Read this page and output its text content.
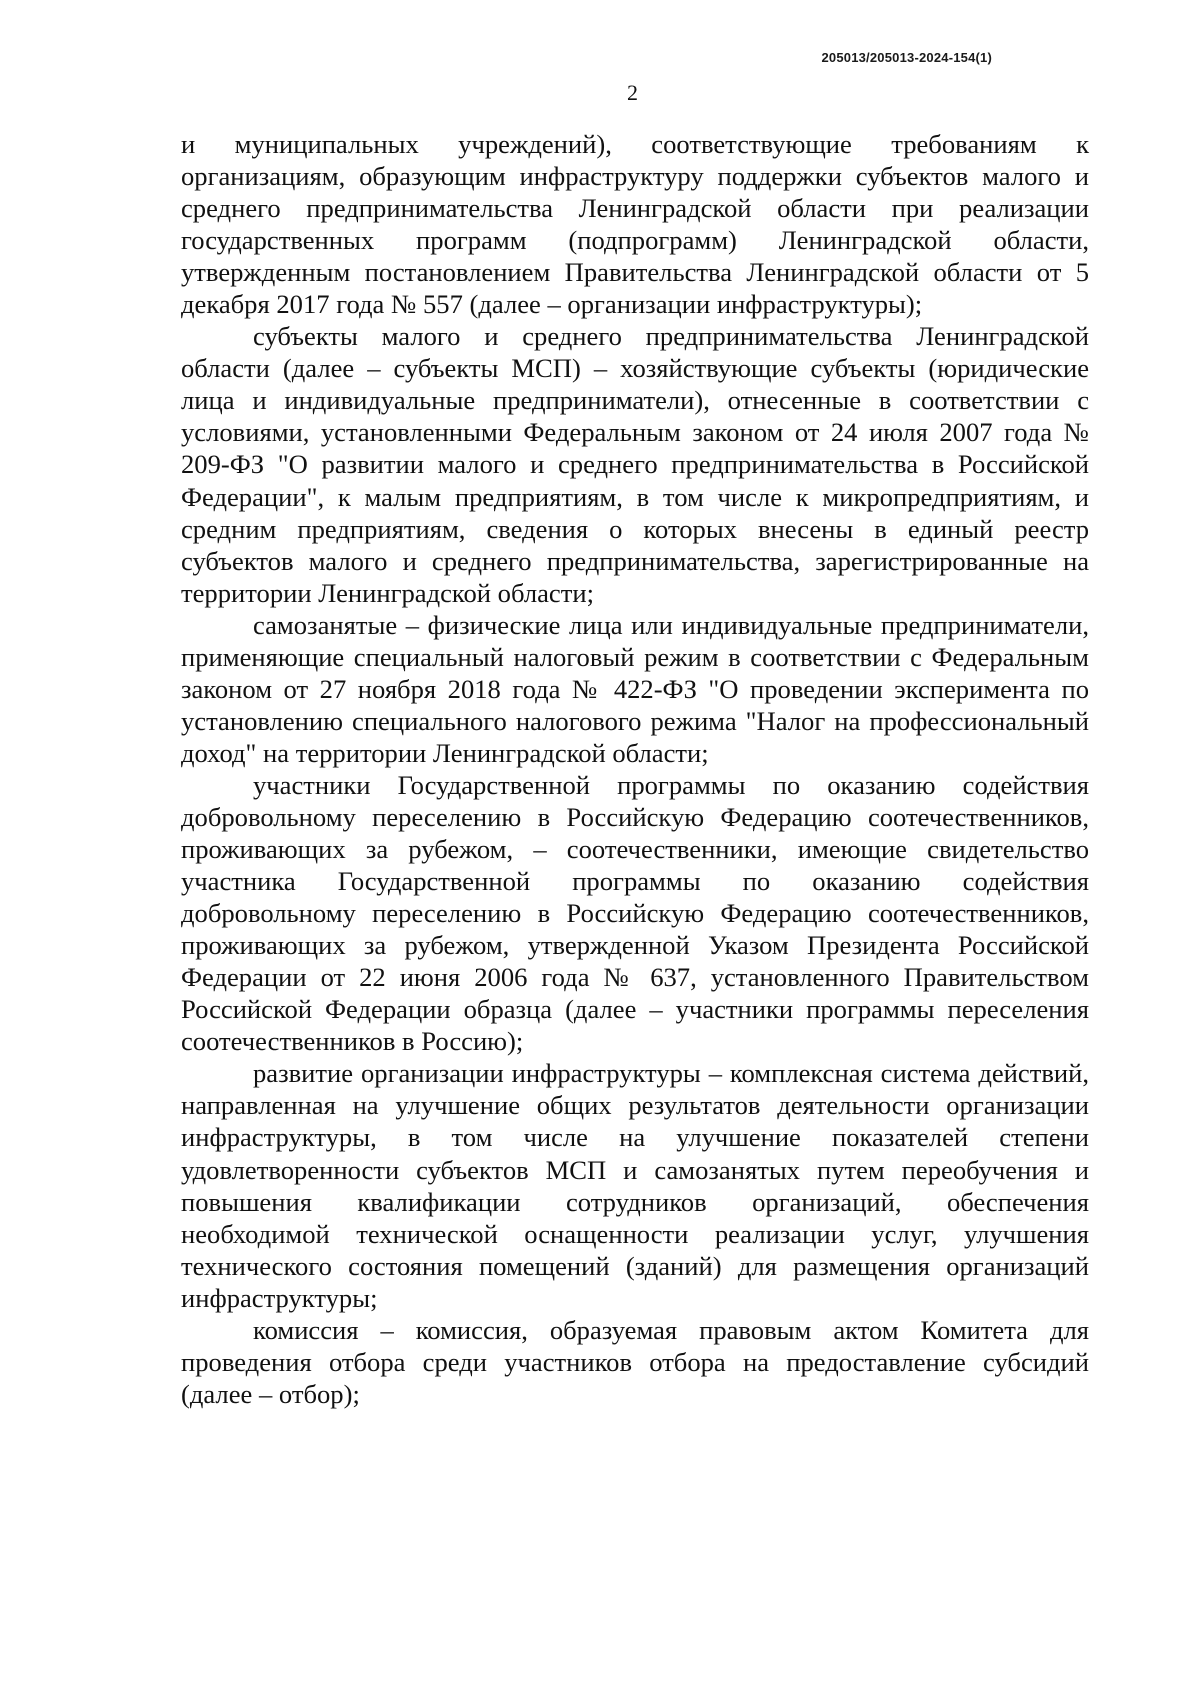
205013/205013-2024-154(1)
2

и муниципальных учреждений), соответствующие требованиям к организациям, образующим инфраструктуру поддержки субъектов малого и среднего предпринимательства Ленинградской области при реализации государственных программ (подпрограмм) Ленинградской области, утвержденным постановлением Правительства Ленинградской области от 5 декабря 2017 года № 557 (далее – организации инфраструктуры);

субъекты малого и среднего предпринимательства Ленинградской области (далее – субъекты МСП) – хозяйствующие субъекты (юридические лица и индивидуальные предприниматели), отнесенные в соответствии с условиями, установленными Федеральным законом от 24 июля 2007 года № 209-ФЗ "О развитии малого и среднего предпринимательства в Российской Федерации", к малым предприятиям, в том числе к микропредприятиям, и средним предприятиям, сведения о которых внесены в единый реестр субъектов малого и среднего предпринимательства, зарегистрированные на территории Ленинградской области;

самозанятые – физические лица или индивидуальные предприниматели, применяющие специальный налоговый режим в соответствии с Федеральным законом от 27 ноября 2018 года № 422-ФЗ "О проведении эксперимента по установлению специального налогового режима "Налог на профессиональный доход" на территории Ленинградской области;

участники Государственной программы по оказанию содействия добровольному переселению в Российскую Федерацию соотечественников, проживающих за рубежом, – соотечественники, имеющие свидетельство участника Государственной программы по оказанию содействия добровольному переселению в Российскую Федерацию соотечественников, проживающих за рубежом, утвержденной Указом Президента Российской Федерации от 22 июня 2006 года № 637, установленного Правительством Российской Федерации образца (далее – участники программы переселения соотечественников в Россию);

развитие организации инфраструктуры – комплексная система действий, направленная на улучшение общих результатов деятельности организации инфраструктуры, в том числе на улучшение показателей степени удовлетворенности субъектов МСП и самозанятых путем переобучения и повышения квалификации сотрудников организаций, обеспечения необходимой технической оснащенности реализации услуг, улучшения технического состояния помещений (зданий) для размещения организаций инфраструктуры;

комиссия – комиссия, образуемая правовым актом Комитета для проведения отбора среди участников отбора на предоставление субсидий (далее – отбор);
